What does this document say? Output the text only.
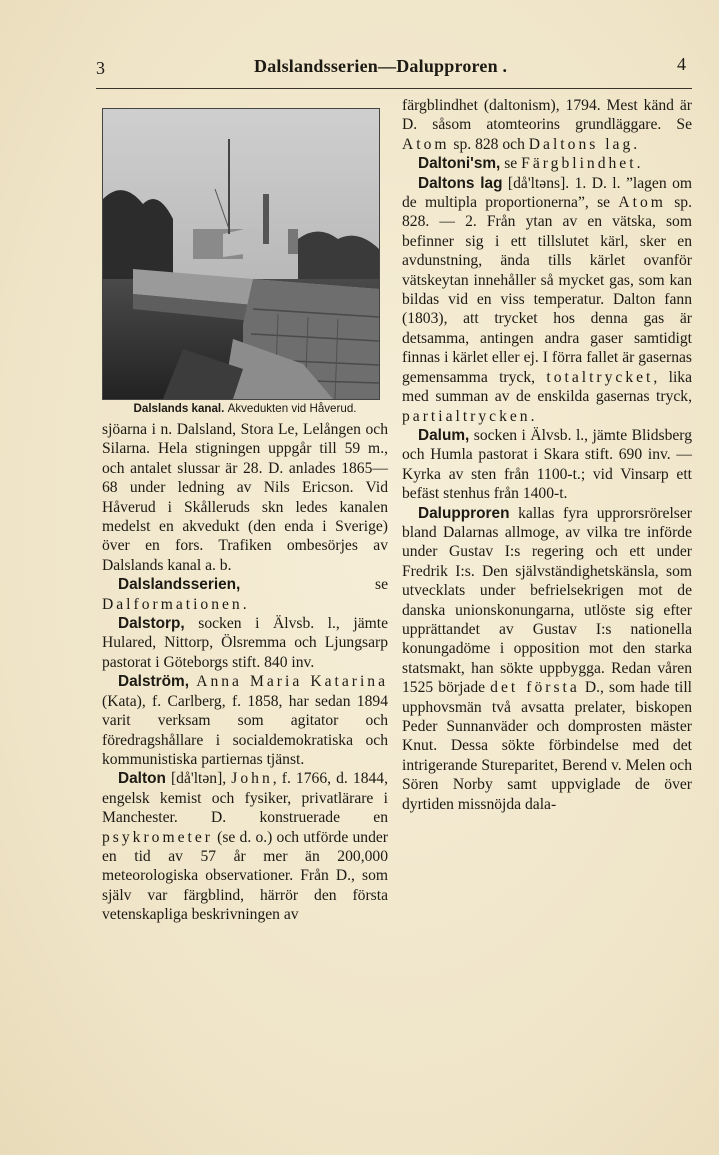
3	Dalslandsserien—Dalupproren .	4
Dalslands kanal. Akvedukten vid Håverud.

sjöarna i n. Dalsland, Stora Le, Lelången och Silarna. Hela stigningen uppgår till 59 m., och antalet slussar är 28. D. anlades 1865—68 under ledning av Nils Ericson. Vid Håverud i Skålleruds skn ledes kanalen medelst en akvedukt (den enda i Sverige) över en fors. Trafiken ombesörjes av Dalslands kanal a. b.

Dalslandsserien, se Dalformationen.

Dalstorp, socken i Älvsb. l., jämte Hulared, Nittorp, Ölsremma och Ljungsarp pastorat i Göteborgs stift. 840 inv.

Dalström, Anna Maria Katarina (Kata), f. Carlberg, f. 1858, har sedan 1894 varit verksam som agitator och föredragshållare i socialdemokratiska och kommunistiska partiernas tjänst.

Dalton [då'ltən], John, f. 1766, d. 1844, engelsk kemist och fysiker, privatlärare i Manchester. D. konstruerade en psykrometer (se d. o.) och utförde under en tid av 57 år mer än 200,000 meteorologiska observationer. Från D., som själv var färgblind, härrör den första vetenskapliga beskrivningen av

färgblindhet (daltonism), 1794. Mest känd är D. såsom atomteorins grundläggare. Se Atom sp. 828 och Daltons lag.

Daltoni'sm, se Färgblindhet.

Daltons lag [då'ltəns]. 1. D. l. ”lagen om de multipla proportionerna”, se Atom sp. 828. — 2. Från ytan av en vätska, som befinner sig i ett tillslutet kärl, sker en avdunstning, ända tills kärlet ovanför vätskeytan innehåller så mycket gas, som kan bildas vid en viss temperatur. Dalton fann (1803), att trycket hos denna gas är detsamma, antingen andra gaser samtidigt finnas i kärlet eller ej. I förra fallet är gasernas gemensamma tryck, totaltrycket, lika med summan av de enskilda gasernas tryck, partialtrycken.

Dalum, socken i Älvsb. l., jämte Blidsberg och Humla pastorat i Skara stift. 690 inv. — Kyrka av sten från 1100-t.; vid Vinsarp ett befäst stenhus från 1400-t.

Dalupproren kallas fyra upprorsrörelser bland Dalarnas allmoge, av vilka tre införde under Gustav I:s regering och ett under Fredrik I:s. Den självständighetskänsla, som utvecklats under befrielsekrigen mot de danska unionskonungarna, utlöste sig efter upprättandet av Gustav I:s nationella konungadöme i opposition mot den starka statsmakt, han sökte uppbygga. Redan våren 1525 började det första D., som hade till upphovsmän två avsatta prelater, biskopen Peder Sunnanväder och domprosten mäster Knut. Dessa sökte förbindelse med det intrigerande Stureparitet, Berend v. Melen och Sören Norby samt uppviglade de över dyrtiden missnöjda dala-
